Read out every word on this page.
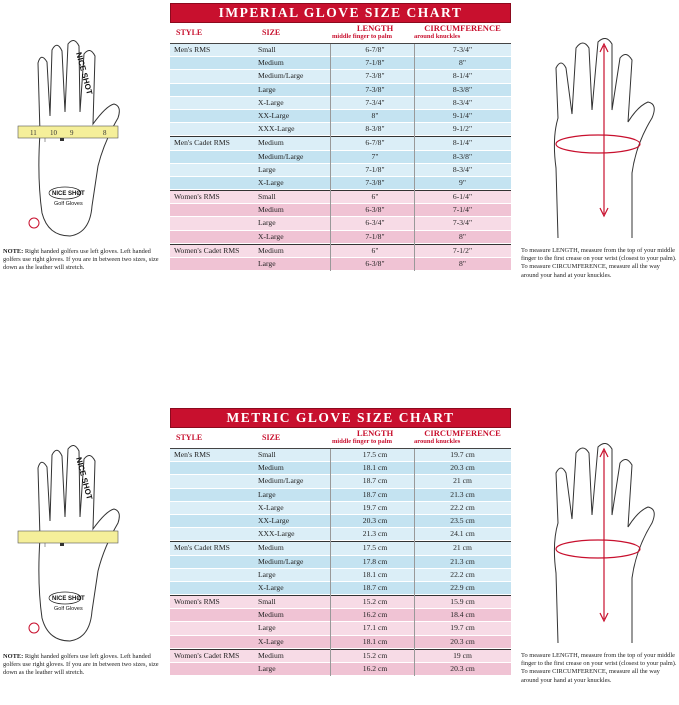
11 10 9	8
NICE SHOT
NICE SHØT
Golf Gloves
NOTE: Right handed golfers use left gloves. Left handed golfers use right gloves. If you are in between two sizes, size down as the leather will stretch.
IMPERIAL GLOVE SIZE CHART
STYLE	SIZE	LENGTH
middle finger to palm
CIRCUMFERENCE
around knuckles
Men's RMS	Small	6-7/8"	7-3/4"
Medium	7-1/8"	8"
Medium/Large	7-3/8"	8-1/4"
Large	7-3/8"	8-3/8"
X-Large	7-3/4"	8-3/4"
XX-Large	8"	9-1/4"
XXX-Large	8-3/8"	9-1/2"
Men's Cadet RMS	Medium	6-7/8"	8-1/4"
Medium/Large	7"	8-3/8"
Large	7-1/8"	8-3/4"
X-Large	7-3/8"	9"
Women's RMS	Small	6"	6-1/4"
Medium	6-3/8"	7-1/4"
Large	6-3/4"	7-3/4"
X-Large	7-1/8"	8"
Women's Cadet RMS Medium	6"	7-1/2"
Large	6-3/8"	8"
To measure LENGTH, measure from the top of your middle finger to the first crease on your wrist (closest to your palm). To measure CIRCUMFERENCE, measure all the way around your hand at your knuckles.
NICE SHOT
NICE SHØT
Golf Gloves
NOTE: Right handed golfers use left gloves. Left handed golfers use right gloves. If you are in between two sizes, size down as the leather will stretch.
METRIC GLOVE SIZE CHART
STYLE	SIZE	LENGTH
middle finger to palm
CIRCUMFERENCE
around knuckles
Men's RMS	Small	17.5 cm	19.7 cm
Medium	18.1 cm	20.3 cm
Medium/Large	18.7 cm	21 cm
Large	18.7 cm	21.3 cm
X-Large	19.7 cm	22.2 cm
XX-Large	20.3 cm	23.5 cm
XXX-Large	21.3 cm	24.1 cm
Men's Cadet RMS	Medium	17.5 cm	21 cm
Medium/Large	17.8 cm	21.3 cm
Large	18.1 cm	22.2 cm
X-Large	18.7 cm	22.9 cm
Women's RMS	Small	15.2 cm	15.9 cm
Medium	16.2 cm	18.4 cm
Large	17.1 cm	19.7 cm
X-Large	18.1 cm	20.3 cm
Women's Cadet RMS Medium	15.2 cm	19 cm
Large	16.2 cm	20.3 cm
To measure LENGTH, measure from the top of your middle finger to the first crease on your wrist (closest to your palm). To measure CIRCUMFERENCE, measure all the way around your hand at your knuckles.
